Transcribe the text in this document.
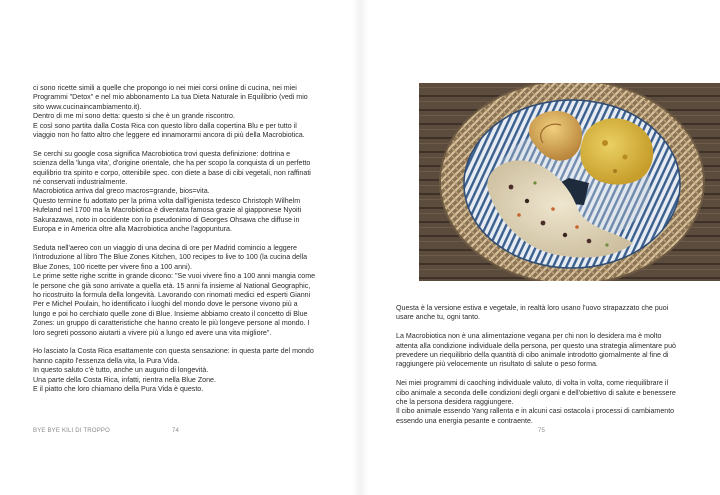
ci sono ricette simili a quelle che propongo io nei miei corsi online di cucina, nei miei
Programmi "Detox" e nel mio abbonamento La tua Dieta Naturale in Equilibrio (vedi mio
sito www.cucinaincambiamento.it).
Dentro di me mi sono detta: questo si che è un grande riscontro.
E così sono partita dalla Costa Rica con questo libro dalla copertina Blu e per tutto il
viaggio non ho fatto altro che leggere ed innamorarmi ancora di più della Macrobiotica.

Se cerchi su google cosa significa Macrobiotica trovi questa definizione: dottrina e
scienza della 'lunga vita', d'origine orientale, che ha per scopo la conquista di un perfetto
equilibrio tra spirito e corpo, ottenibile spec. con diete a base di cibi vegetali, non raffinati
né conservati industrialmente.
Macrobiotica arriva dal greco macros=grande, bios=vita.
Questo termine fu adottato per la prima volta dall'igienista tedesco Christoph Wilhelm
Hufeland nel 1700 ma la Macrobiotica è diventata famosa grazie al giapponese Nyoiti
Sakurazawa, noto in occidente con lo pseudonimo di Georges Ohsawa che diffuse in
Europa e in America oltre alla Macrobiotica anche l'agopuntura.

Seduta nell'aereo con un viaggio di una decina di ore per Madrid comincio a leggere
l'introduzione al libro The Blue Zones Kitchen, 100 recipes to live to 100 (la cucina della
Blue Zones, 100 ricette per vivere fino a 100 anni).
Le prime sette righe scritte in grande dicono: "Se vuoi vivere fino a 100 anni mangia come
le persone che già sono arrivate a quella età. 15 anni fa insieme al National Geographic,
ho ricostruito la formula della longevità. Lavorando con rinomati medici ed esperti Gianni
Per e Michel Poulain, ho identificato i luoghi del mondo dove le persone vivono più a
lungo e poi ho cerchiato quelle zone di Blue. Insieme abbiamo creato il concetto di Blue
Zones: un gruppo di caratteristiche che hanno creato le più longeve persone al mondo. I
loro segreti possono aiutarti a vivere più a lungo ed avere una vita migliore".

Ho lasciato la Costa Rica esattamente con questa sensazione: in questa parte del mondo
hanno capito l'essenza della vita, la Pura Vida.
In questo saluto c'è tutto, anche un augurio di longevità.
Una parte della Costa Rica, infatti, rientra nella Blue Zone.
E il piatto che loro chiamano della Pura Vida è questo.

BYE BYE KILI DI TROPPO	74

Questa è la versione estiva e vegetale, in realtà loro usano l'uovo strapazzato che puoi
usare anche tu, ogni tanto.

La Macrobiotica non è una alimentazione vegana per chi non lo desidera ma è molto
attenta alla condizione individuale della persona, per questo una strategia alimentare può
prevedere un riequilibrio della quantità di cibo animale introdotto giornalmente al fine di
raggiungere più velocemente un risultato di salute o peso forma.

Nei miei programmi di caoching individuale valuto, di volta in volta, come riequilibrare il
cibo animale a seconda delle condizioni degli organi e dell'obiettivo di salute e benessere
che la persona desidera raggiungere.
Il cibo animale essendo Yang rallenta e in alcuni casi ostacola i processi di cambiamento
essendo una energia pesante e contraente.

75
